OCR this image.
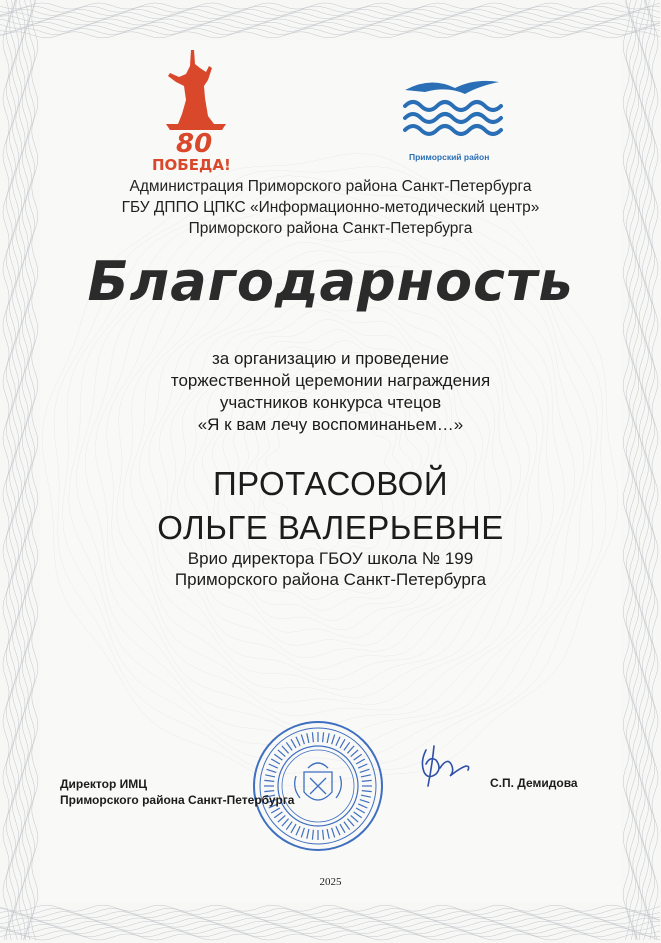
80
ПОБЕДА!	Приморский район
Администрация Приморского района Санкт-Петербурга
ГБУ ДППО ЦПКС «Информационно-методический центр»
Приморского района Санкт-Петербурга
Благодарность
за организацию и проведение
торжественной церемонии награждения
участников конкурса чтецов
«Я к вам лечу воспоминаньем…»
ПРОТАСОВОЙ
ОЛЬГЕ ВАЛЕРЬЕВНЕ
Врио директора ГБОУ школа № 199
Приморского района Санкт-Петербурга
Директор ИМЦ
Приморского района Санкт-Петербурга
С.П. Демидова
2025
